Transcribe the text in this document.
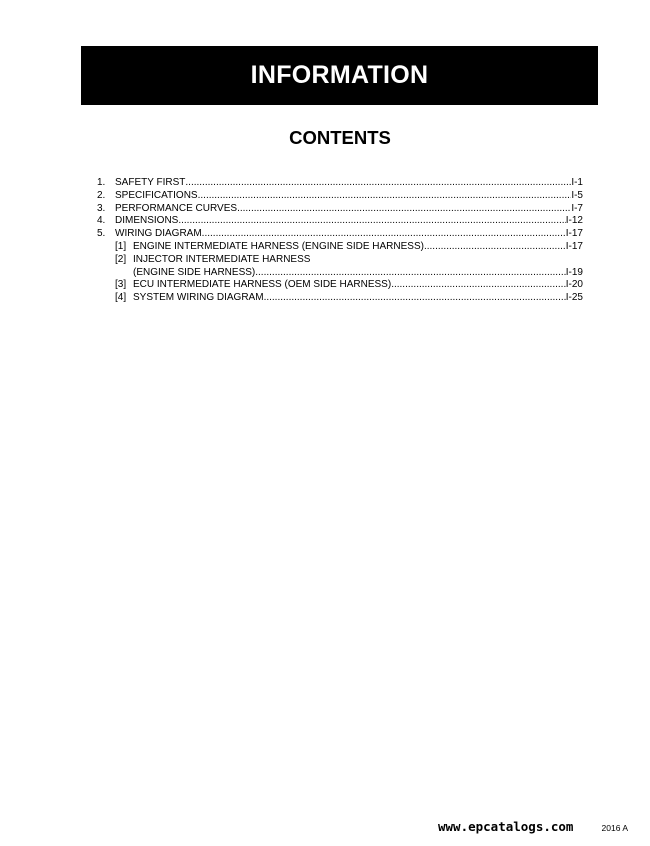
INFORMATION
CONTENTS
1. SAFETY FIRST .....	I-1
2. SPECIFICATIONS .....	I-5
3. PERFORMANCE CURVES .....	I-7
4. DIMENSIONS .....	I-12
5. WIRING DIAGRAM .....	I-17
[1] ENGINE INTERMEDIATE HARNESS (ENGINE SIDE HARNESS) .....	I-17
[2] INJECTOR INTERMEDIATE HARNESS
(ENGINE SIDE HARNESS) .....	I-19
[3] ECU INTERMEDIATE HARNESS (OEM SIDE HARNESS) .....	I-20
[4] SYSTEM WIRING DIAGRAM .....	I-25
2016 A
www.epcatalogs.com
